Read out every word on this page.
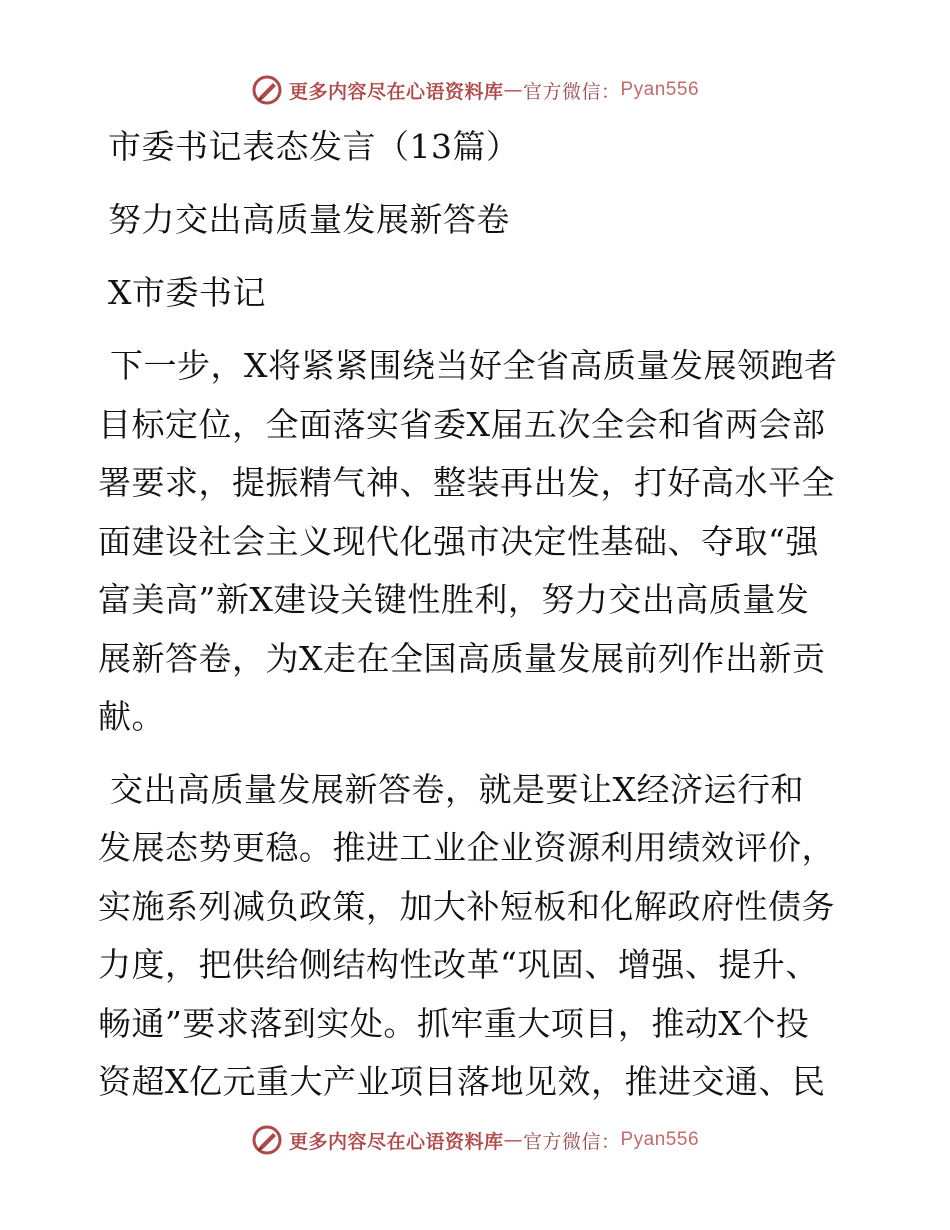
更多内容尽在心语资料库 — 官方微信： Pyan556
市委书记表态发言（13篇）
努力交出高质量发展新答卷
X市委书记
下一步，X将紧紧围绕当好全省高质量发展领跑者
目标定位，全面落实省委X届五次全会和省两会部
署要求，提振精气神、整装再出发，打好高水平全
面建设社会主义现代化强市决定性基础、夺取“强
富美高”新X建设关键性胜利，努力交出高质量发
展新答卷，为X走在全国高质量发展前列作出新贡
献。
交出高质量发展新答卷，就是要让X经济运行和
发展态势更稳。推进工业企业资源利用绩效评价，
实施系列减负政策，加大补短板和化解政府性债务
力度，把供给侧结构性改革“巩固、增强、提升、
畅通”要求落到实处。抓牢重大项目，推动X个投
资超X亿元重大产业项目落地见效，推进交通、民
更多内容尽在心语资料库 — 官方微信： Pyan556
